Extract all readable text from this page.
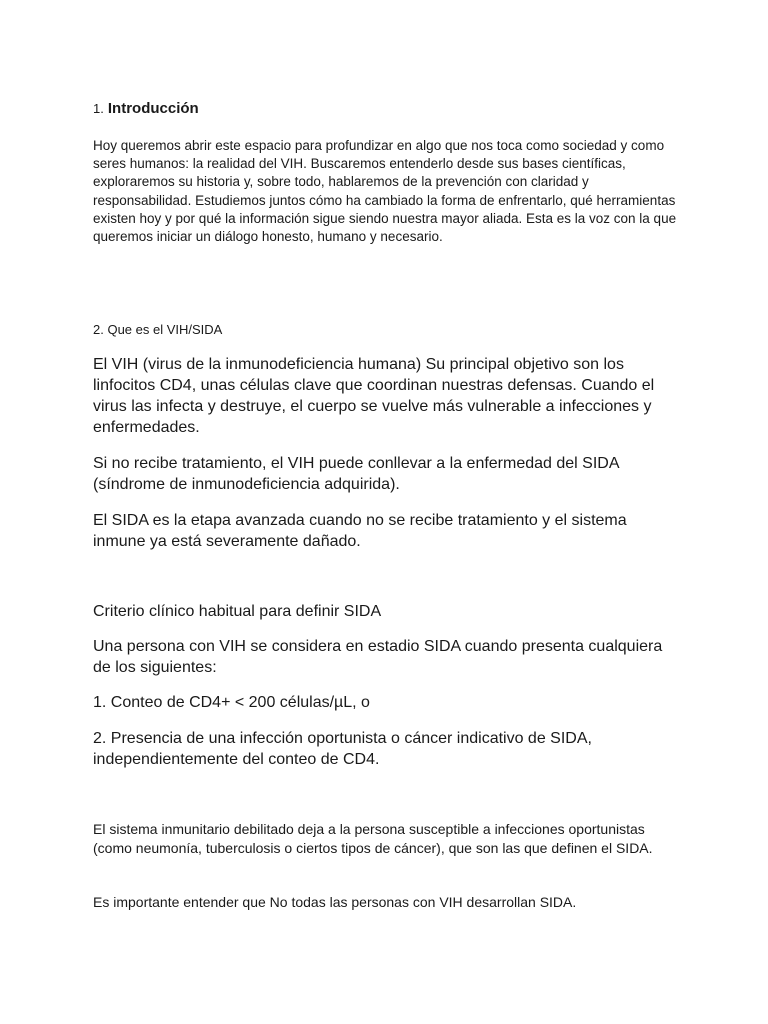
1. Introducción

Hoy queremos abrir este espacio para profundizar en algo que nos toca como sociedad y como seres humanos: la realidad del VIH. Buscaremos entenderlo desde sus bases científicas, exploraremos su historia y, sobre todo, hablaremos de la prevención con claridad y responsabilidad. Estudiemos juntos cómo ha cambiado la forma de enfrentarlo, qué herramientas existen hoy y por qué la información sigue siendo nuestra mayor aliada. Esta es la voz con la que queremos iniciar un diálogo honesto, humano y necesario.

2. Que es el VIH/SIDA

El VIH (virus de la inmunodeficiencia humana) Su principal objetivo son los linfocitos CD4, unas células clave que coordinan nuestras defensas. Cuando el virus las infecta y destruye, el cuerpo se vuelve más vulnerable a infecciones y enfermedades.

Si no recibe tratamiento, el VIH puede conllevar a la enfermedad del SIDA (síndrome de inmunodeficiencia adquirida).

El SIDA es la etapa avanzada cuando no se recibe tratamiento y el sistema inmune ya está severamente dañado.

Criterio clínico habitual para definir SIDA

Una persona con VIH se considera en estadio SIDA cuando presenta cualquiera de los siguientes:

1. Conteo de CD4+ < 200 células/µL, o

2. Presencia de una infección oportunista o cáncer indicativo de SIDA, independientemente del conteo de CD4.

El sistema inmunitario debilitado deja a la persona susceptible a infecciones oportunistas (como neumonía, tuberculosis o ciertos tipos de cáncer), que son las que definen el SIDA.

Es importante entender que No todas las personas con VIH desarrollan SIDA.
